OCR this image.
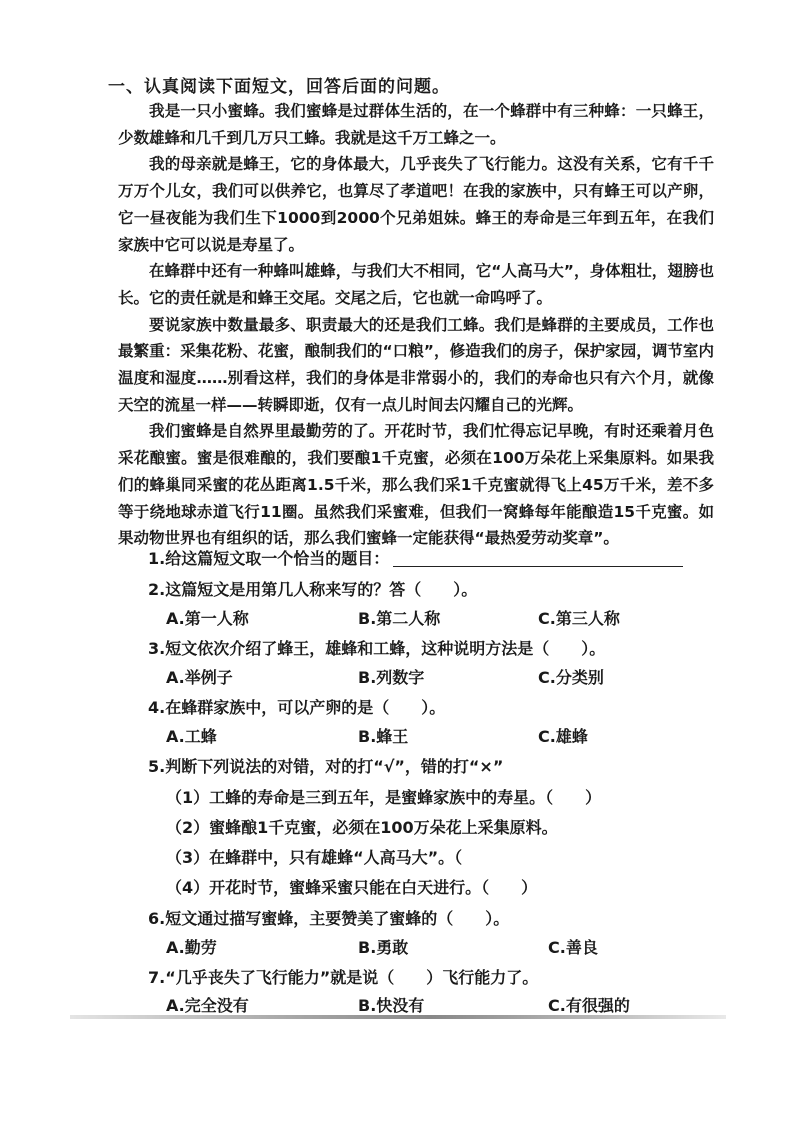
一、认真阅读下面短文，回答后面的问题。

我是一只小蜜蜂。我们蜜蜂是过群体生活的，在一个蜂群中有三种蜂：一只蜂王，少数雄蜂和几千到几万只工蜂。我就是这千万工蜂之一。

我的母亲就是蜂王，它的身体最大，几乎丧失了飞行能力。这没有关系，它有千千万万个儿女，我们可以供养它，也算尽了孝道吧！在我的家族中，只有蜂王可以产卵，它一昼夜能为我们生下1000到2000个兄弟姐妹。蜂王的寿命是三年到五年，在我们家族中它可以说是寿星了。

在蜂群中还有一种蜂叫雄蜂，与我们大不相同，它“人高马大”，身体粗壮，翅膀也长。它的责任就是和蜂王交尾。交尾之后，它也就一命呜呼了。

要说家族中数量最多、职责最大的还是我们工蜂。我们是蜂群的主要成员，工作也最繁重：采集花粉、花蜜，酿制我们的“口粮”，修造我们的房子，保护家园，调节室内温度和湿度……别看这样，我们的身体是非常弱小的，我们的寿命也只有六个月，就像天空的流星一样——转瞬即逝，仅有一点儿时间去闪耀自己的光辉。

我们蜜蜂是自然界里最勤劳的了。开花时节，我们忙得忘记早晚，有时还乘着月色采花酿蜜。蜜是很难酿的，我们要酿1千克蜜，必须在100万朵花上采集原料。如果我们的蜂巢同采蜜的花丛距离1.5千米，那么我们采1千克蜜就得飞上45万千米，差不多等于绕地球赤道飞行11圈。虽然我们采蜜难，但我们一窝蜂每年能酿造15千克蜜。如果动物世界也有组织的话，那么我们蜜蜂一定能获得“最热爱劳动奖章”。

1.给这篇短文取一个恰当的题目：
2.这篇短文是用第几人称来写的？答（　　）。
A.第一人称	B.第二人称	C.第三人称
3.短文依次介绍了蜂王，雄蜂和工蜂，这种说明方法是（　　）。
A.举例子	B.列数字	C.分类别
4.在蜂群家族中，可以产卵的是（　　）。
A.工蜂	B.蜂王	C.雄蜂
5.判断下列说法的对错，对的打“√”，错的打“×”
（1）工蜂的寿命是三到五年，是蜜蜂家族中的寿星。（　　）
（2）蜜蜂酿1千克蜜，必须在100万朵花上采集原料。
（3）在蜂群中，只有雄蜂“人高马大”。（
（4）开花时节，蜜蜂采蜜只能在白天进行。（　　）
6.短文通过描写蜜蜂，主要赞美了蜜蜂的（　　）。
A.勤劳	B.勇敢	C.善良
7.“几乎丧失了飞行能力”就是说（　　）飞行能力了。
A.完全没有	B.快没有	C.有很强的
